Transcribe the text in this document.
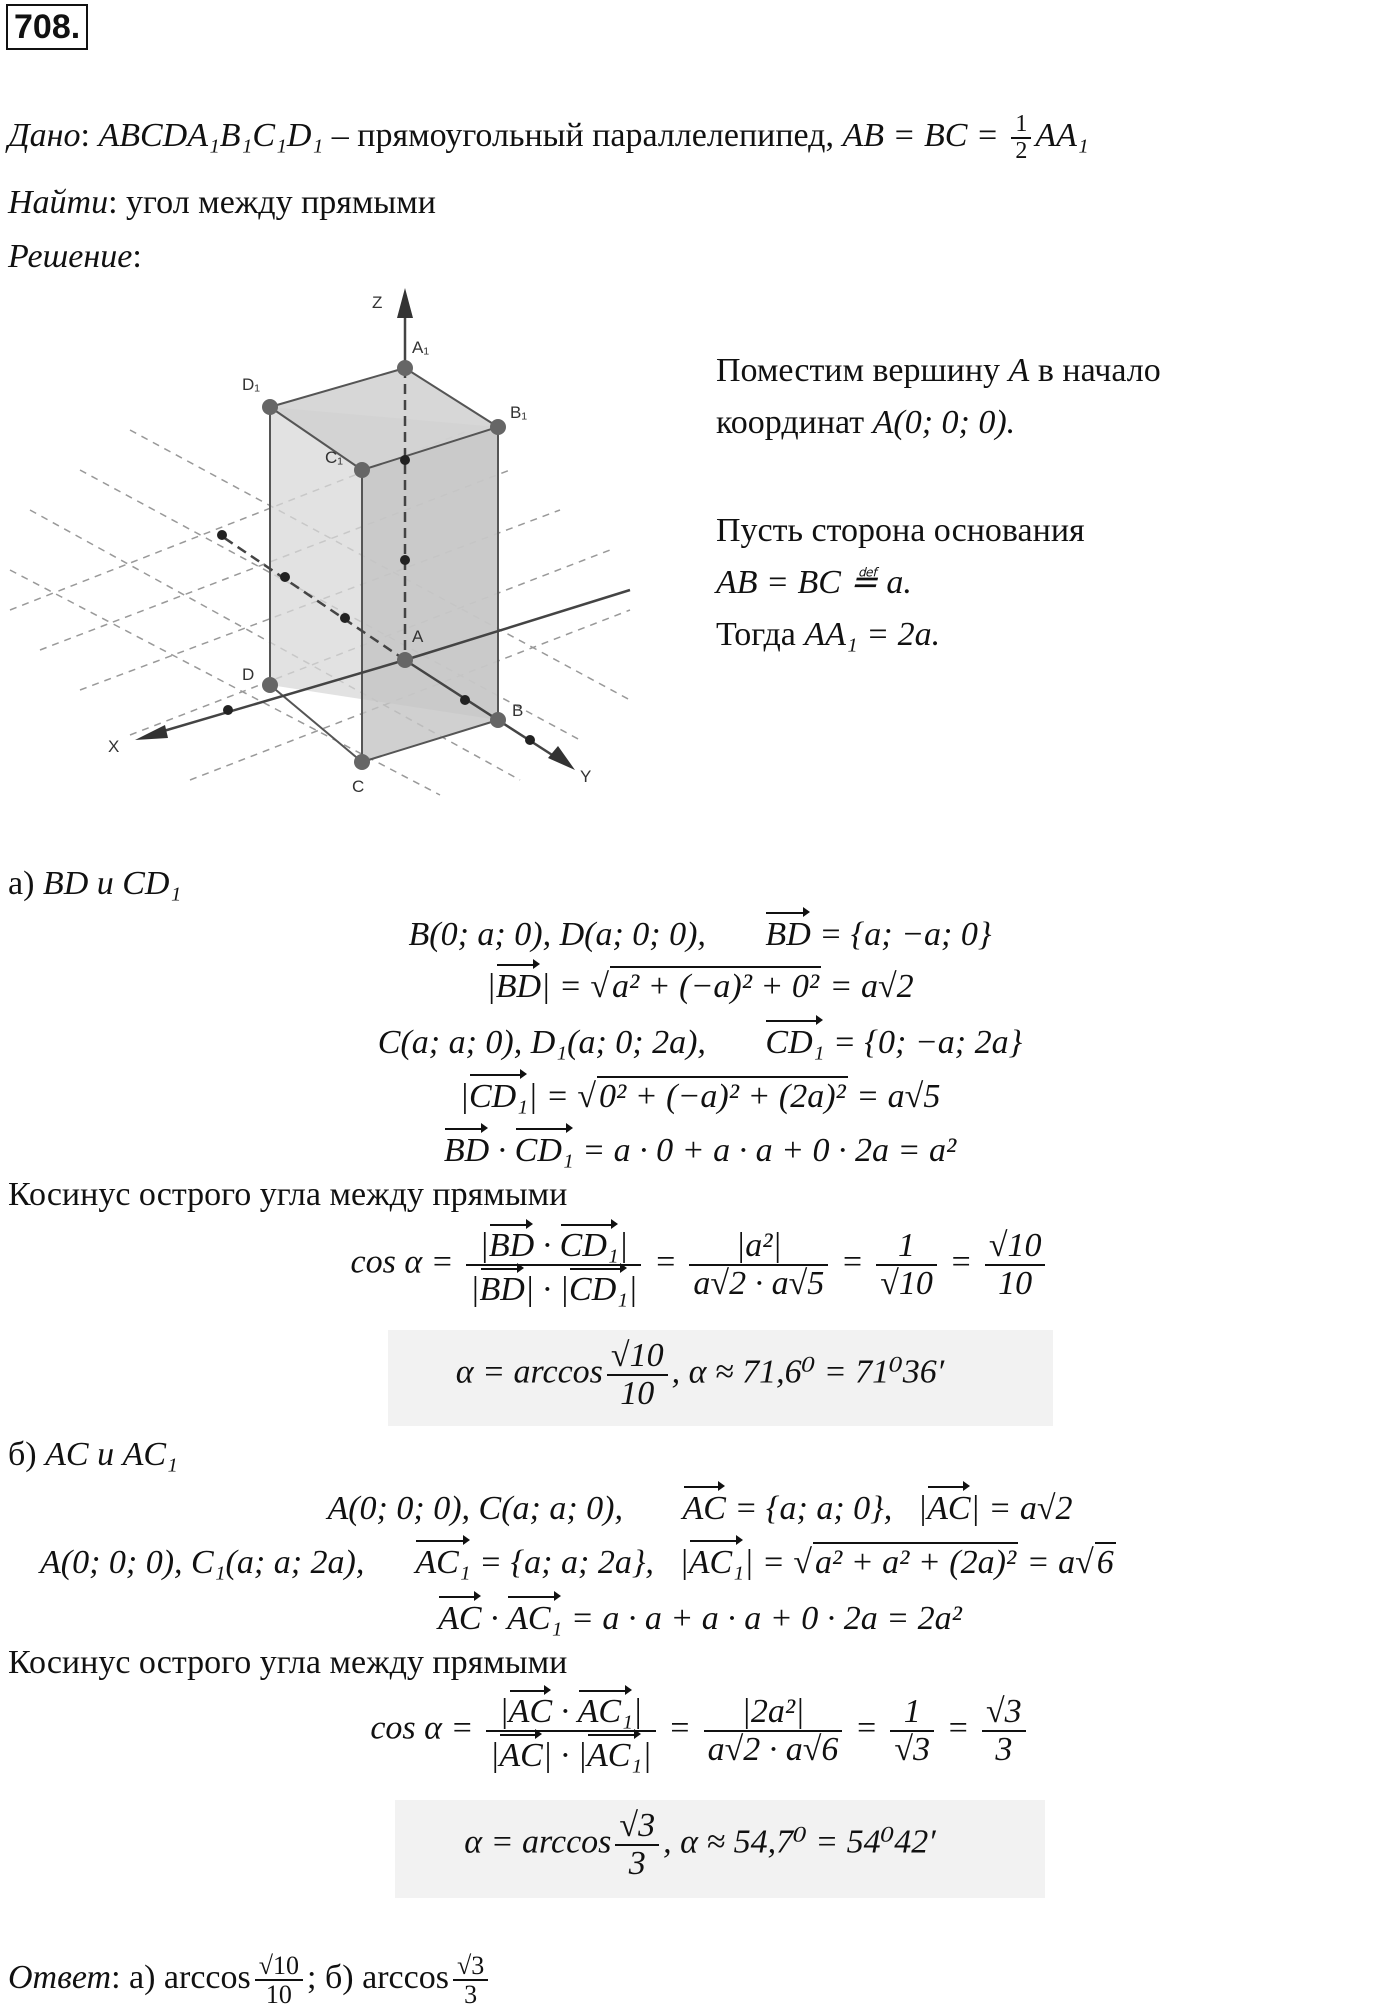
708.
Дано: ABCDA₁B₁C₁D₁ – прямоугольный параллелепипед, AB = BC = $\frac{1}{2} AA_1$
Найти: угол между прямыми
Решение:
Z
X
Y
A₁
D₁
B₁
C₁
A
D
B
C
Поместим вершину A в начало
координат A(0; 0; 0).
Пусть сторона основания
AB = BC ≝ a.
Тогда AA₁ = 2a.
а) BD и CD₁
B(0; a; 0), D(a; 0; 0), BD = {a; −a; 0}
|BD| = √ a² + (−a)² + 0² = a√2
C(a; a; 0), D₁(a; 0; 2a), CD₁ = {0; −a; 2a}
|CD₁| = √ 0² + (−a)² + (2a)² = a√5
BD · CD₁ = a · 0 + a · a + 0 · 2a = a²
Косинус острого угла между прямыми
$\cos \alpha = \frac{\text{|BD · CD₁|}}{\text{|BD| · |CD₁|}} = \frac{\text{|a²|}}{a√2 \cdot a√5} = \frac{1}{√10} = \frac{√10}{10}$
$\alpha = \arccos \frac{√10}{10}$ , α ≈ 71,6⁰ = 71⁰36′
б) AC и AC₁
A(0; 0; 0), C(a; a; 0), AC = {a; a; 0},   |AC| = a√2
A(0; 0; 0), C₁(a; a; 2a), AC₁ = {a; a; 2a},   |AC₁| = √ a² + a² + (2a)² = a√ 6
AC · AC₁ = a · a + a · a + 0 · 2a = 2a²
Косинус острого угла между прямыми
$\cos \alpha = \frac{\text{|AC · AC₁|}}{\text{|AC| · |AC₁|}} = \frac{\text{|2a²|}}{a√2 \cdot a√6} = \frac{1}{√3} = \frac{√3}{3}$
$\alpha = \arccos \frac{√3}{3}$ , α ≈ 54,7⁰ = 54⁰42′
Ответ: а) $\arccos \frac{√10}{10}$ ; б) $\arccos \frac{√3}{3}$
